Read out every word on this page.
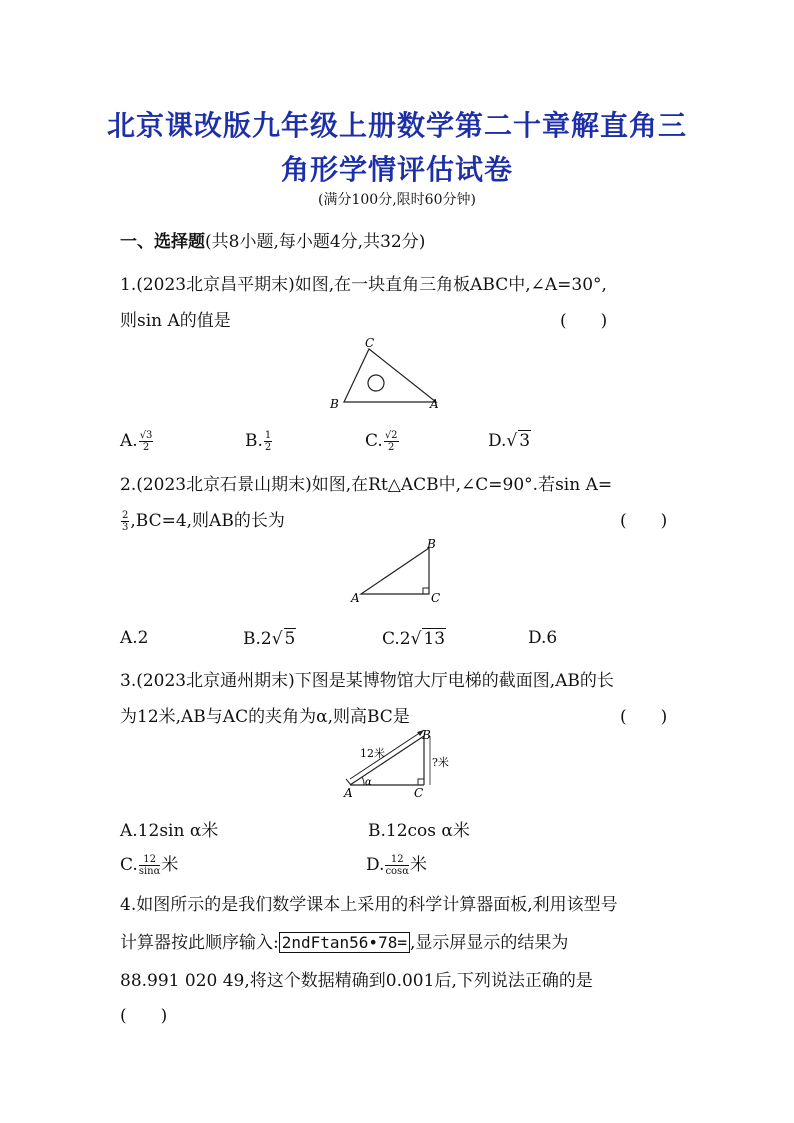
北京课改版九年级上册数学第二十章解直角三
角形学情评估试卷
(满分100分,限时60分钟)
一、选择题(共8小题,每小题4分,共32分)
1.(2023北京昌平期末)如图,在一块直角三角板ABC中,∠A=30°,
则sin A的值是	(　　)
B
C
A
A. $\frac{√3}{2}$	B. $\frac{1}{2}$	C. $\frac{√2}{2}$	D.√ 3
2.(2023北京石景山期末)如图,在Rt△ACB中,∠C=90°.若sin A=
$\frac{2}{3} ,BC=4$,则AB的长为	(　　)
A
B
C
A.2	B.2√ 5	C.2√ 13	D.6
3.(2023北京通州期末)下图是某博物馆大厅电梯的截面图,AB的长
为12米,AB与AC的夹角为α,则高BC是	(　　)
12米
α
?米
A
B
C
A.12sin α米	B.12cos α米
C. $\frac{12}{\sin\alpha}$ 米	D. $\frac{12}{\cos\alpha}$ 米
4.如图所示的是我们数学课本上采用的科学计算器面板,利用该型号
计算器按此顺序输入: 2ndFtan56•78= ,显示屏显示的结果为
88.991 020 49,将这个数据精确到0.001后,下列说法正确的是
(　　)
